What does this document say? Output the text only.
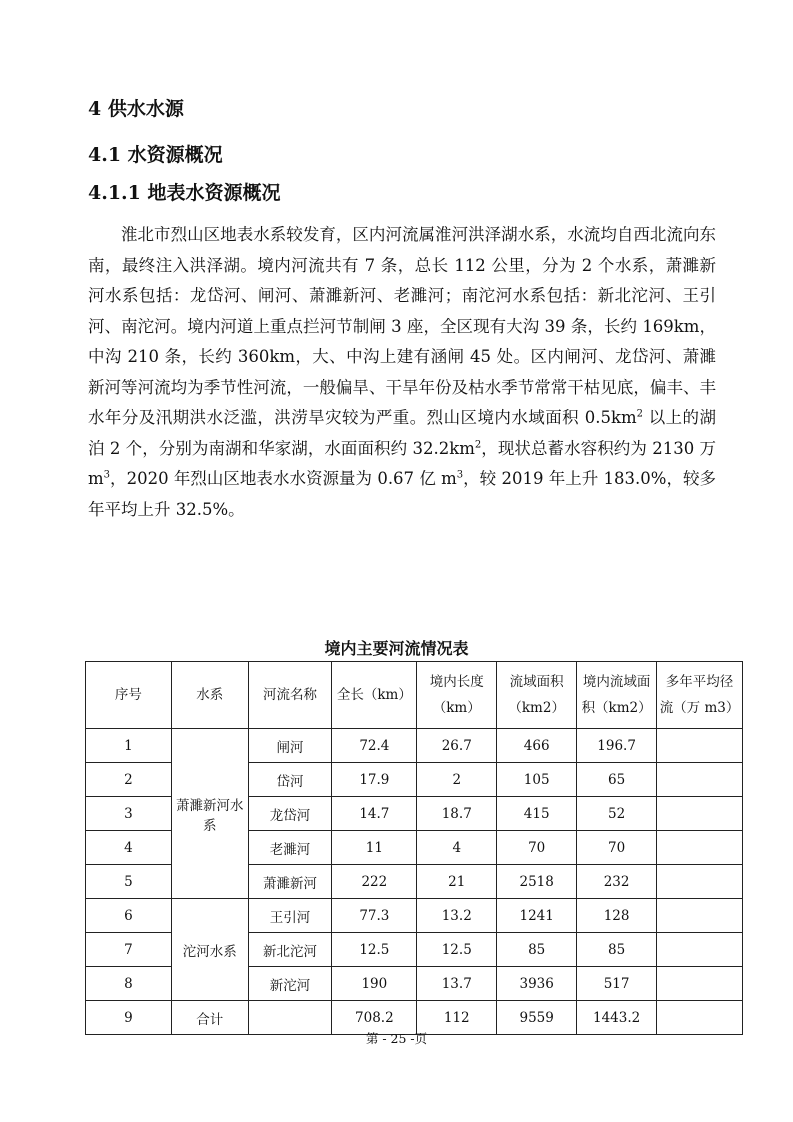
4 供水水源
4.1 水资源概况
4.1.1 地表水资源概况

淮北市烈山区地表水系较发育，区内河流属淮河洪泽湖水系，水流均自西北流向东南，最终注入洪泽湖。境内河流共有 7 条，总长 112 公里，分为 2 个水系，萧濉新河水系包括：龙岱河、闸河、萧濉新河、老濉河；南沱河水系包括：新北沱河、王引河、南沱河。境内河道上重点拦河节制闸 3 座，全区现有大沟 39 条，长约 169km，中沟 210 条，长约 360km，大、中沟上建有涵闸 45 处。区内闸河、龙岱河、萧濉新河等河流均为季节性河流，一般偏旱、干旱年份及枯水季节常常干枯见底，偏丰、丰水年分及汛期洪水泛滥，洪涝旱灾较为严重。烈山区境内水域面积 $0.5km^2$ 以上的湖泊 2 个，分别为南湖和华家湖，水面面积约 $32.2km^2$，现状总蓄水容积约为 2130 万 $m^3$，2020 年烈山区地表水水资源量为 0.67 亿 $m^3$，较 2019 年上升 183.0%，较多年平均上升 32.5%。

境内主要河流情况表
序号	水系	河流名称	全长（km）	境内长度（km）	流域面积（km2）	境内流域面积（km2）	多年平均径流（万 m3）
1	萧濉新河水系	闸河	72.4	26.7	466	196.7	
2		岱河	17.9	2	105	65	
3		龙岱河	14.7	18.7	415	52	
4		老濉河	11	4	70	70	
5		萧濉新河	222	21	2518	232	
6	沱河水系	王引河	77.3	13.2	1241	128	
7		新北沱河	12.5	12.5	85	85	
8		新沱河	190	13.7	3936	517	
9	合计		708.2	112	9559	1443.2	
第 - 25 -页
